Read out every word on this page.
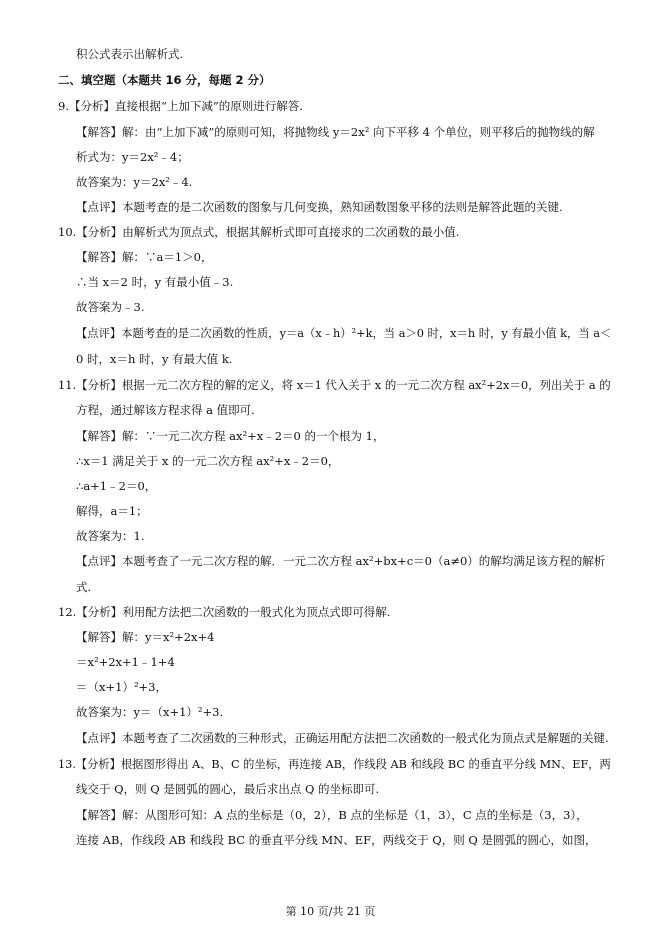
积公式表示出解析式.
二、填空题（本题共 16 分，每题 2 分）
9.【分析】直接根据“上加下减”的原则进行解答.
【解答】解：由“上加下减”的原则可知，将抛物线 y＝2x² 向下平移 4 个单位，则平移后的抛物线的解
析式为：y＝2x²﹣4；
故答案为：y＝2x²﹣4.
【点评】本题考查的是二次函数的图象与几何变换，熟知函数图象平移的法则是解答此题的关键.
10.【分析】由解析式为顶点式，根据其解析式即可直接求的二次函数的最小值.
【解答】解：∵a＝1＞0，
∴当 x＝2 时，y 有最小值﹣3.
故答案为﹣3.
【点评】本题考查的是二次函数的性质，y＝a（x﹣h）²+k，当 a＞0 时，x＝h 时，y 有最小值 k，当 a＜
0 时，x＝h 时，y 有最大值 k.
11.【分析】根据一元二次方程的解的定义，将 x＝1 代入关于 x 的一元二次方程 ax²+2x＝0，列出关于 a 的
方程，通过解该方程求得 a 值即可.
【解答】解：∵一元二次方程 ax²+x﹣2＝0 的一个根为 1，
∴x＝1 满足关于 x 的一元二次方程 ax²+x﹣2＝0，
∴a+1﹣2＝0，
解得，a＝1；
故答案为：1.
【点评】本题考查了一元二次方程的解．一元二次方程 ax²+bx+c＝0（a≠0）的解均满足该方程的解析
式.
12.【分析】利用配方法把二次函数的一般式化为顶点式即可得解.
【解答】解：y＝x²+2x+4
＝x²+2x+1﹣1+4
＝（x+1）²+3，
故答案为：y＝（x+1）²+3.
【点评】本题考查了二次函数的三种形式，正确运用配方法把二次函数的一般式化为顶点式是解题的关键.
13.【分析】根据图形得出 A、B、C 的坐标，再连接 AB，作线段 AB 和线段 BC 的垂直平分线 MN、EF，两
线交于 Q，则 Q 是圆弧的圆心，最后求出点 Q 的坐标即可.
【解答】解：从图形可知：A 点的坐标是（0，2），B 点的坐标是（1，3），C 点的坐标是（3，3），
连接 AB，作线段 AB 和线段 BC 的垂直平分线 MN、EF，两线交于 Q，则 Q 是圆弧的圆心，如图，
第 10 页/共 21 页
